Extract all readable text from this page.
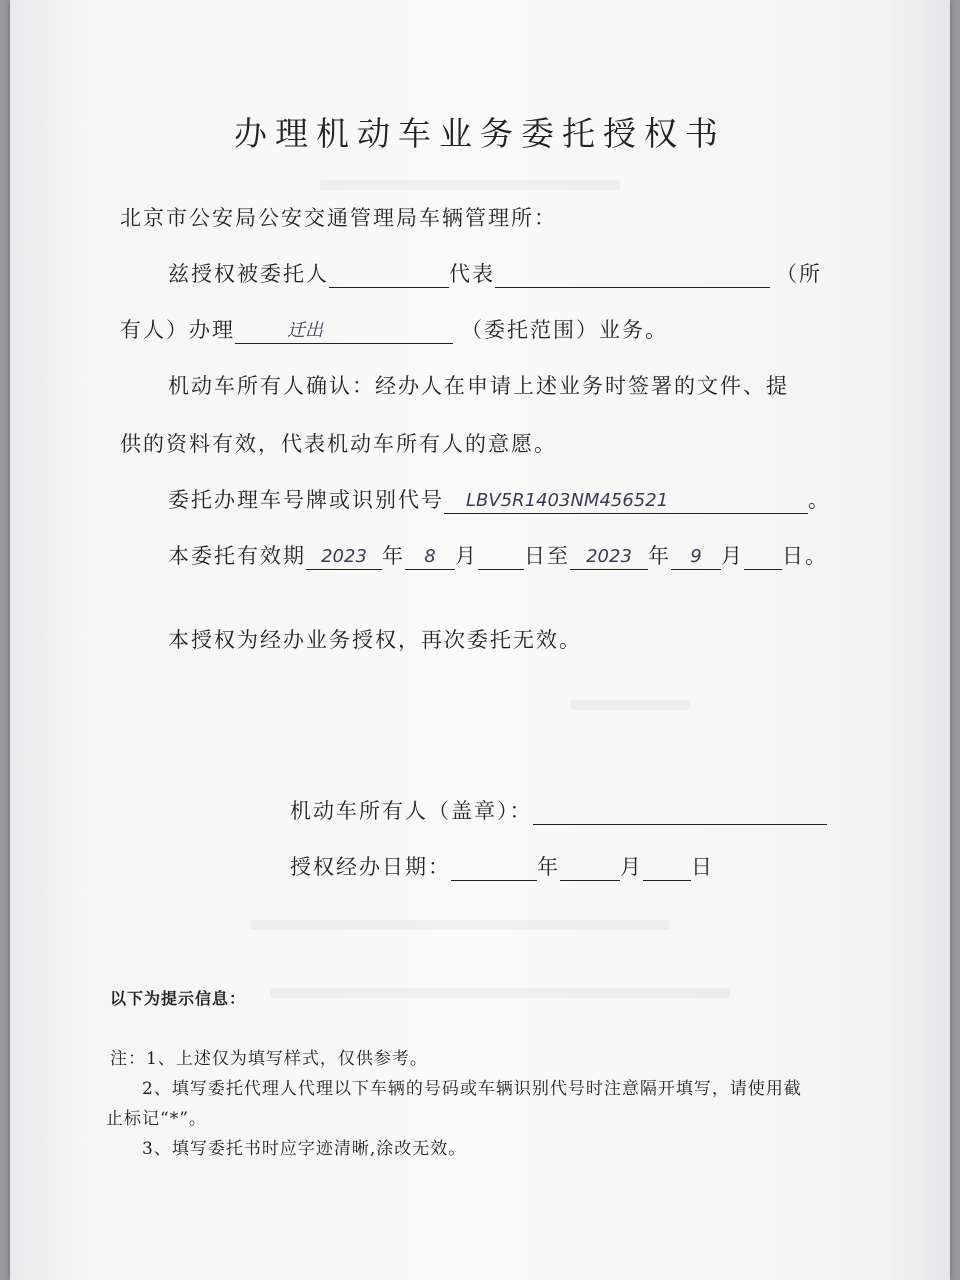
办理机动车业务委托授权书
北京市公安局公安交通管理局车辆管理所：
兹授权被委托人	代表	（所
有人）办理	迁出	（委托范围）业务。
机动车所有人确认：经办人在申请上述业务时签署的文件、提
供的资料有效，代表机动车所有人的意愿。
委托办理车号牌或识别代号 LBV5R1403NM456521	。
本委托有效期 2023 年 8 月 日至 2023 年 9 月 日。
本授权为经办业务授权，再次委托无效。
机动车所有人（盖章）：
授权经办日期：	年	月 日
以下为提示信息：
注：1、上述仅为填写样式，仅供参考。
2、填写委托代理人代理以下车辆的号码或车辆识别代号时注意隔开填写，请使用截
止标记“*”。
3、填写委托书时应字迹清晰,涂改无效。
